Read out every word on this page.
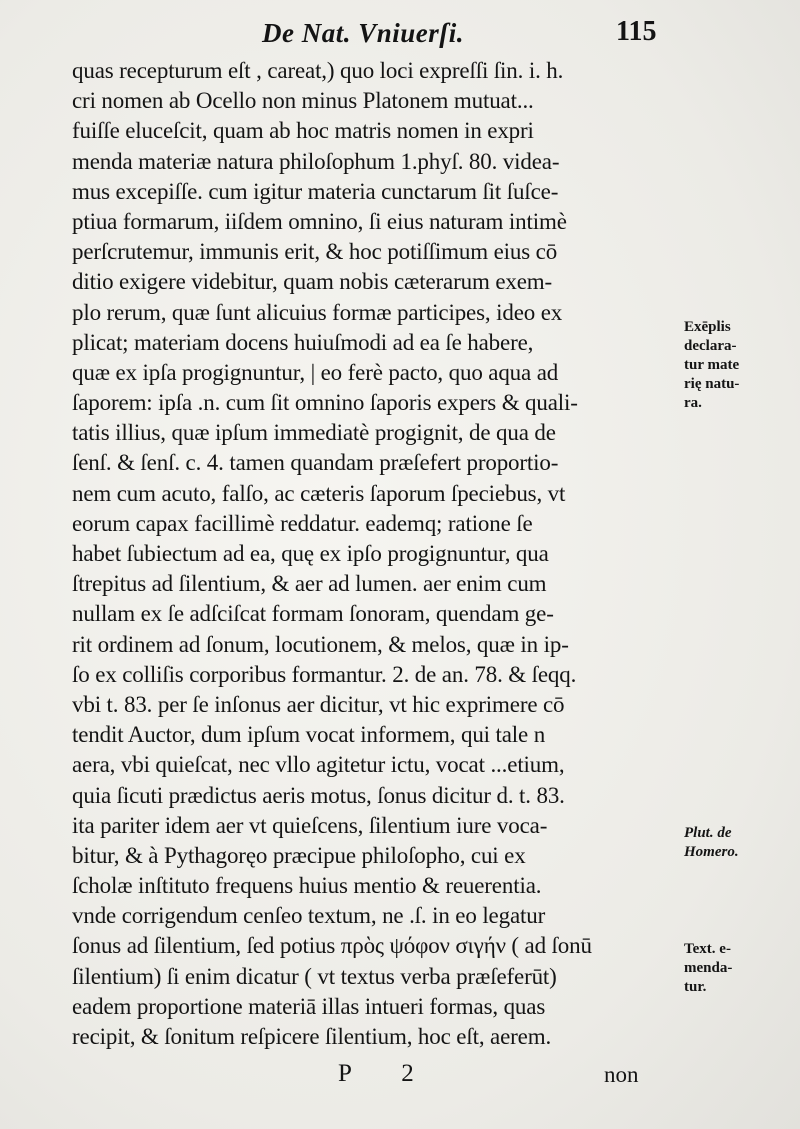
De Nat. Vniuerſi.	115
quas recepturum eſt , careat,) quo loci expreſſi ſin. i. h.
cri nomen ab Ocello non minus Platonem mutuat...
fuiſſe eluceſcit, quam ab hoc matris nomen in expri
menda materiæ natura philoſophum 1.phyſ. 80. videa-
mus excepiſſe. cum igitur materia cunctarum ſit ſuſce-
ptiua formarum, iiſdem omnino, ſi eius naturam intimè
perſcrutemur, immunis erit, & hoc potiſſimum eius cō
ditio exigere videbitur, quam nobis cæterarum exem-
plo rerum, quæ ſunt alicuius formæ participes, ideo ex
plicat; materiam docens huiuſmodi ad ea ſe habere,
quæ ex ipſa progignuntur, | eo ferè pacto, quo aqua ad
ſaporem: ipſa .n. cum ſit omnino ſaporis expers & quali-
tatis illius, quæ ipſum immediatè progignit, de qua de
ſenſ. & ſenſ. c. 4. tamen quandam præſefert proportio-
nem cum acuto, falſo, ac cæteris ſaporum ſpeciebus, vt
eorum capax facillimè reddatur. eademq; ratione ſe
habet ſubiectum ad ea, quę ex ipſo progignuntur, qua
ſtrepitus ad ſilentium, & aer ad lumen. aer enim cum
nullam ex ſe adſciſcat formam ſonoram, quendam ge-
rit ordinem ad ſonum, locutionem, & melos, quæ in ip-
ſo ex colliſis corporibus formantur. 2. de an. 78. & ſeqq.
vbi t. 83. per ſe inſonus aer dicitur, vt hic exprimere cō
tendit Auctor, dum ipſum vocat informem, qui tale n
aera, vbi quieſcat, nec vllo agitetur ictu, vocat ...etium,
quia ſicuti prædictus aeris motus, ſonus dicitur d. t. 83.
ita pariter idem aer vt quieſcens, ſilentium iure voca-
bitur, & à Pythagoręo præcipue philoſopho, cui ex
ſcholæ inſtituto frequens huius mentio & reuerentia.
vnde corrigendum cenſeo textum, ne .ſ. in eo legatur
ſonus ad ſilentium, ſed potius πρὸς ψόφον σιγήν ( ad ſonū
ſilentium) ſi enim dicatur ( vt textus verba præſeferūt)
eadem proportione materiā illas intueri formas, quas
recipit, & ſonitum reſpicere ſilentium, hoc eſt, aerem.
Exēplis
declara-
tur mate
rię natu-
ra.
Plut. de
Homero.
Text. e-
menda-
tur.
P 2	non
